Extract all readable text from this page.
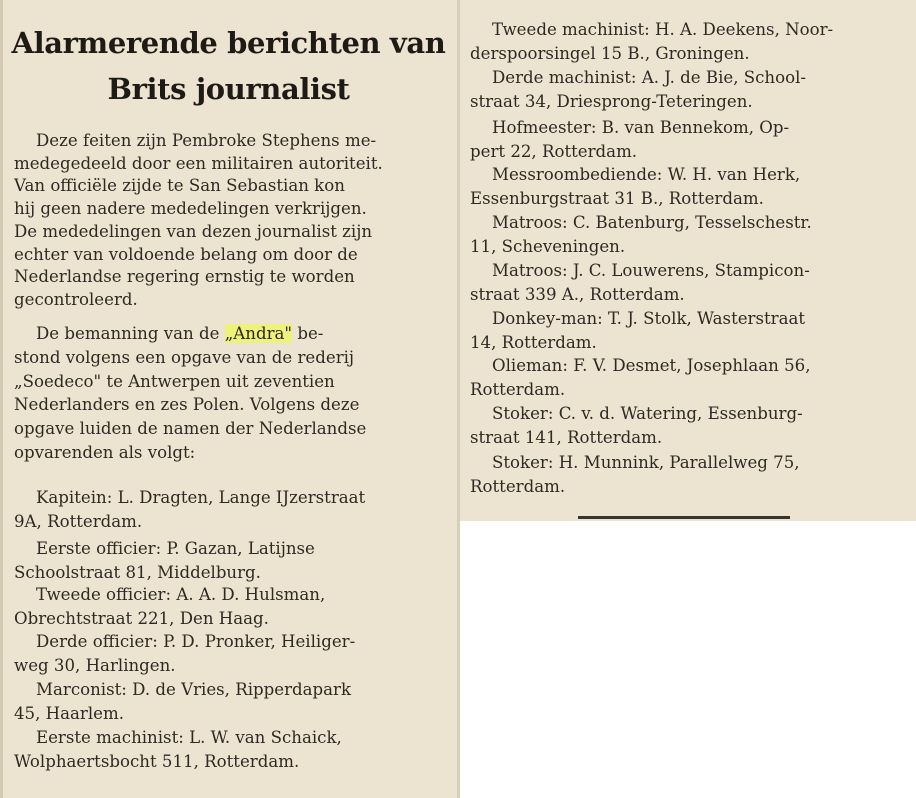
Alarmerende berichten van
Brits journalist
Deze feiten zijn Pembroke Stephens me-
medegedeeld door een militairen autoriteit.
Van officiële zijde te San Sebastian kon
hij geen nadere mededelingen verkrijgen.
De mededelingen van dezen journalist zijn
echter van voldoende belang om door de
Nederlandse regering ernstig te worden
gecontroleerd.
De bemanning van de „Andra" be-
stond volgens een opgave van de rederij
„Soedeco" te Antwerpen uit zeventien
Nederlanders en zes Polen. Volgens deze
opgave luiden de namen der Nederlandse
opvarenden als volgt:
Kapitein: L. Dragten, Lange IJzerstraat
9A, Rotterdam.
Eerste officier: P. Gazan, Latijnse
Schoolstraat 81, Middelburg.
Tweede officier: A. A. D. Hulsman,
Obrechtstraat 221, Den Haag.
Derde officier: P. D. Pronker, Heiliger-
weg 30, Harlingen.
Marconist: D. de Vries, Ripperdapark
45, Haarlem.
Eerste machinist: L. W. van Schaick,
Wolphaertsbocht 511, Rotterdam.
Tweede machinist: H. A. Deekens, Noor-
derspoorsingel 15 B., Groningen.
Derde machinist: A. J. de Bie, School-
straat 34, Driesprong-Teteringen.
Hofmeester: B. van Bennekom, Op-
pert 22, Rotterdam.
Messroombediende: W. H. van Herk,
Essenburgstraat 31 B., Rotterdam.
Matroos: C. Batenburg, Tesselschestr.
11, Scheveningen.
Matroos: J. C. Louwerens, Stampicon-
straat 339 A., Rotterdam.
Donkey-man: T. J. Stolk, Wasterstraat
14, Rotterdam.
Olieman: F. V. Desmet, Josephlaan 56,
Rotterdam.
Stoker: C. v. d. Watering, Essenburg-
straat 141, Rotterdam.
Stoker: H. Munnink, Parallelweg 75,
Rotterdam.
